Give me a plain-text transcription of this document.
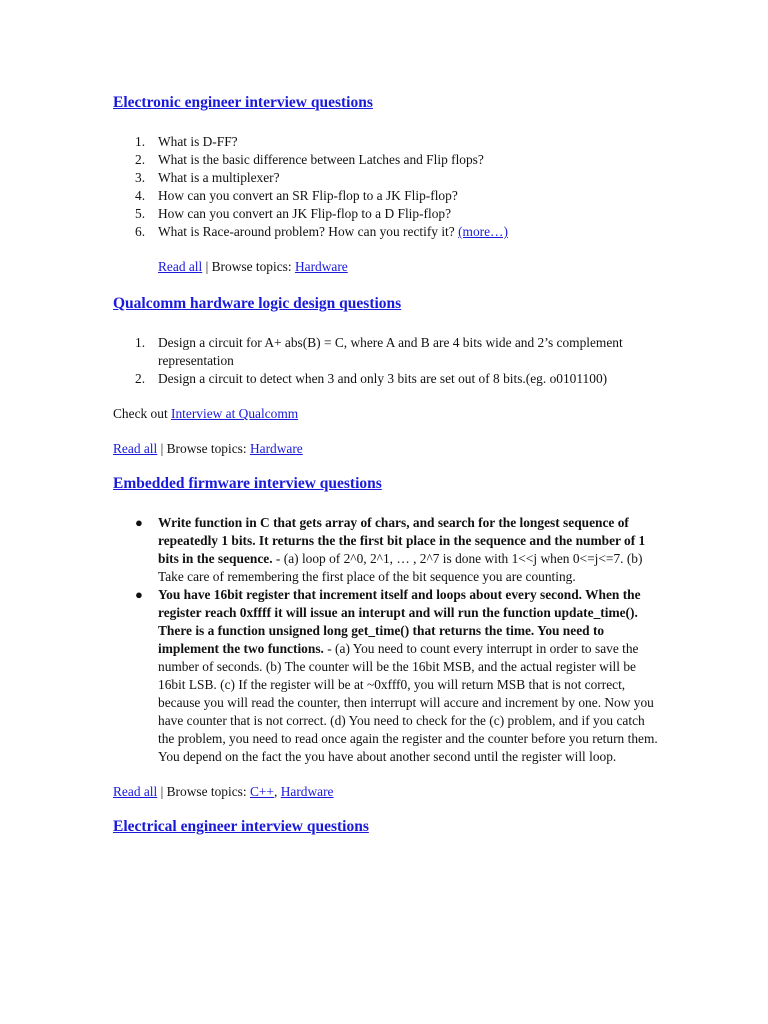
Electronic engineer interview questions
1. What is D-FF?
2. What is the basic difference between Latches and Flip flops?
3. What is a multiplexer?
4. How can you convert an SR Flip-flop to a JK Flip-flop?
5. How can you convert an JK Flip-flop to a D Flip-flop?
6. What is Race-around problem? How can you rectify it? (more…)
Read all | Browse topics: Hardware
Qualcomm hardware logic design questions
1. Design a circuit for A+ abs(B) = C, where A and B are 4 bits wide and 2’s complement representation
2. Design a circuit to detect when 3 and only 3 bits are set out of 8 bits.(eg. o0101100)
Check out Interview at Qualcomm
Read all | Browse topics: Hardware
Embedded firmware interview questions
● Write function in C that gets array of chars, and search for the longest sequence of repeatedly 1 bits. It returns the the first bit place in the sequence and the number of 1 bits in the sequence. - (a) loop of 2^0, 2^1, … , 2^7 is done with 1<<j when 0<=j<=7. (b) Take care of remembering the first place of the bit sequence you are counting.
● You have 16bit register that increment itself and loops about every second. When the register reach 0xffff it will issue an interupt and will run the function update_time(). There is a function unsigned long get_time() that returns the time. You need to implement the two functions. - (a) You need to count every interrupt in order to save the number of seconds. (b) The counter will be the 16bit MSB, and the actual register will be 16bit LSB. (c) If the register will be at ~0xfff0, you will return MSB that is not correct, because you will read the counter, then interrupt will accure and increment by one. Now you have counter that is not correct. (d) You need to check for the (c) problem, and if you catch the problem, you need to read once again the register and the counter before you return them. You depend on the fact the you have about another second until the register will loop.
Read all | Browse topics: C++, Hardware
Electrical engineer interview questions
